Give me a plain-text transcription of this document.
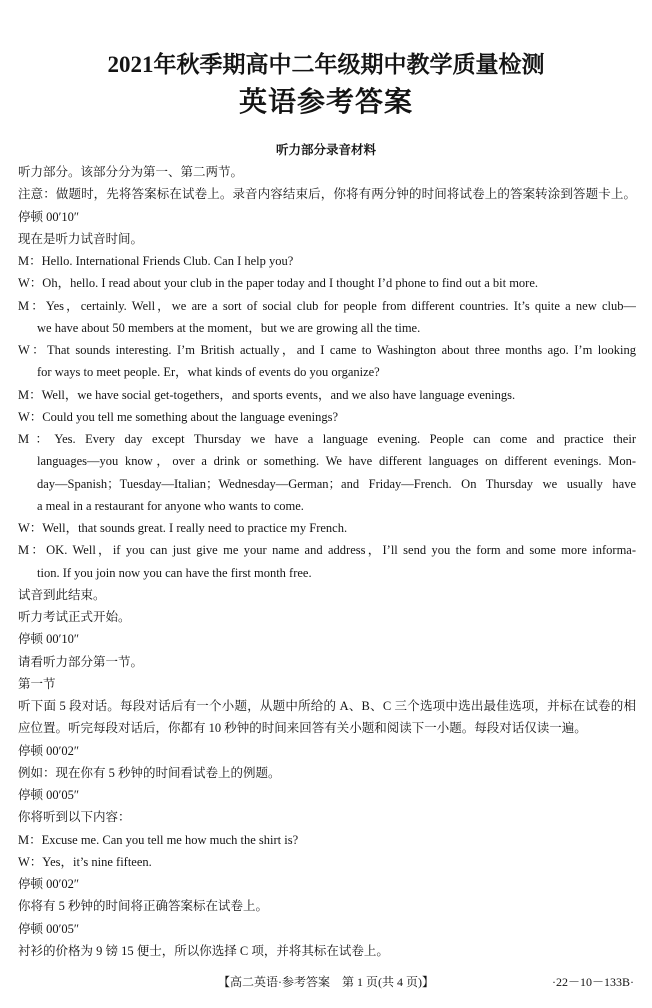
2021年秋季期高中二年级期中教学质量检测
英语参考答案
听力部分录音材料
听力部分。该部分分为第一、第二两节。
注意：做题时，先将答案标在试卷上。录音内容结束后，你将有两分钟的时间将试卷上的答案转涂到答题卡上。
停顿 00′10″
现在是听力试音时间。
M：Hello. International Friends Club. Can I help you?
W：Oh，hello. I read about your club in the paper today and I thought I’d phone to find out a bit more.
M：Yes，certainly. Well，we are a sort of social club for people from different countries. It’s quite a new club—
we have about 50 members at the moment，but we are growing all the time.
W：That sounds interesting. I’m British actually，and I came to Washington about three months ago. I’m looking
for ways to meet people. Er，what kinds of events do you organize?
M：Well，we have social get-togethers，and sports events，and we also have language evenings.
W：Could you tell me something about the language evenings?
M：Yes. Every day except Thursday we have a language evening. People can come and practice their
languages—you know，over a drink or something. We have different languages on different evenings. Mon-
day—Spanish；Tuesday—Italian；Wednesday—German；and Friday—French. On Thursday we usually have
a meal in a restaurant for anyone who wants to come.
W：Well，that sounds great. I really need to practice my French.
M：OK. Well，if you can just give me your name and address，I’ll send you the form and some more informa-
tion. If you join now you can have the first month free.
试音到此结束。
听力考试正式开始。
停顿 00′10″
请看听力部分第一节。
第一节
听下面 5 段对话。每段对话后有一个小题，从题中所给的 A、B、C 三个选项中选出最佳选项，并标在试卷的相
应位置。听完每段对话后，你都有 10 秒钟的时间来回答有关小题和阅读下一小题。每段对话仅读一遍。
停顿 00′02″
例如：现在你有 5 秒钟的时间看试卷上的例题。
停顿 00′05″
你将听到以下内容：
M：Excuse me. Can you tell me how much the shirt is?
W：Yes，it’s nine fifteen.
停顿 00′02″
你将有 5 秒钟的时间将正确答案标在试卷上。
停顿 00′05″
衬衫的价格为 9 镑 15 便士，所以你选择 C 项，并将其标在试卷上。
【高二英语·参考答案　第 1 页(共 4 页)】	·22－10－133B·
